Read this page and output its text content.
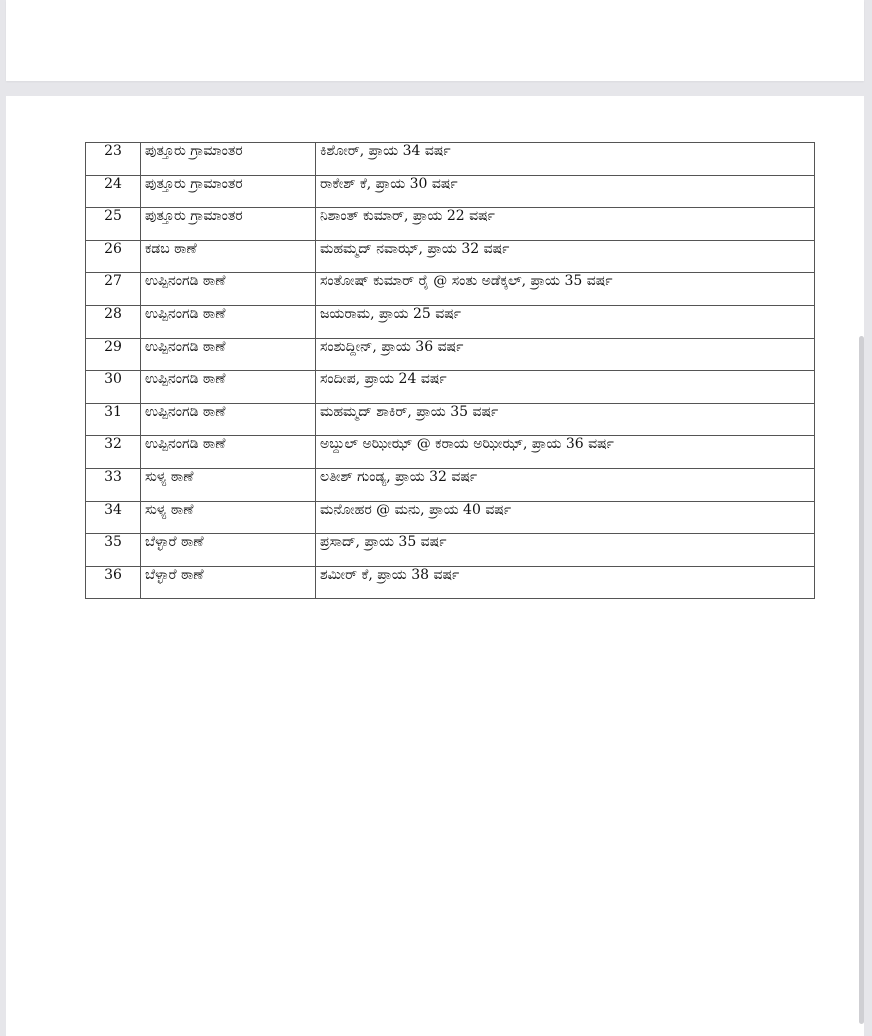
23	ಪುತ್ತೂರು ಗ್ರಾಮಾಂತರ	ಕಿಶೋರ್, ಪ್ರಾಯ 34 ವರ್ಷ
24	ಪುತ್ತೂರು ಗ್ರಾಮಾಂತರ	ರಾಕೇಶ್ ಕೆ, ಪ್ರಾಯ 30 ವರ್ಷ
25	ಪುತ್ತೂರು ಗ್ರಾಮಾಂತರ	ನಿಶಾಂತ್ ಕುಮಾರ್, ಪ್ರಾಯ 22 ವರ್ಷ
26	ಕಡಬ ಠಾಣೆ	ಮಹಮ್ಮದ್ ನವಾಝ್, ಪ್ರಾಯ 32 ವರ್ಷ
27	ಉಪ್ಪಿನಂಗಡಿ ಠಾಣೆ	ಸಂತೋಷ್ ಕುಮಾರ್ ರೈ @ ಸಂತು ಅಡೆಕ್ಕಲ್, ಪ್ರಾಯ 35 ವರ್ಷ
28	ಉಪ್ಪಿನಂಗಡಿ ಠಾಣೆ	ಜಯರಾಮ, ಪ್ರಾಯ 25 ವರ್ಷ
29	ಉಪ್ಪಿನಂಗಡಿ ಠಾಣೆ	ಸಂಶುದ್ದೀನ್, ಪ್ರಾಯ 36 ವರ್ಷ
30	ಉಪ್ಪಿನಂಗಡಿ ಠಾಣೆ	ಸಂದೀಪ, ಪ್ರಾಯ 24 ವರ್ಷ
31	ಉಪ್ಪಿನಂಗಡಿ ಠಾಣೆ	ಮಹಮ್ಮದ್ ಶಾಕಿರ್, ಪ್ರಾಯ 35 ವರ್ಷ
32	ಉಪ್ಪಿನಂಗಡಿ ಠಾಣೆ	ಅಬ್ದುಲ್ ಅಝೀಝ್ @ ಕರಾಯ ಅಝೀಝ್, ಪ್ರಾಯ 36 ವರ್ಷ
33	ಸುಳ್ಯ ಠಾಣೆ	ಲತೀಶ್ ಗುಂಡ್ಯ, ಪ್ರಾಯ 32 ವರ್ಷ
34	ಸುಳ್ಯ ಠಾಣೆ	ಮನೋಹರ @ ಮನು, ಪ್ರಾಯ 40 ವರ್ಷ
35	ಬೆಳ್ಳಾರೆ ಠಾಣೆ	ಪ್ರಸಾದ್, ಪ್ರಾಯ 35 ವರ್ಷ
36	ಬೆಳ್ಳಾರೆ ಠಾಣೆ	ಶಮೀರ್ ಕೆ, ಪ್ರಾಯ 38 ವರ್ಷ
